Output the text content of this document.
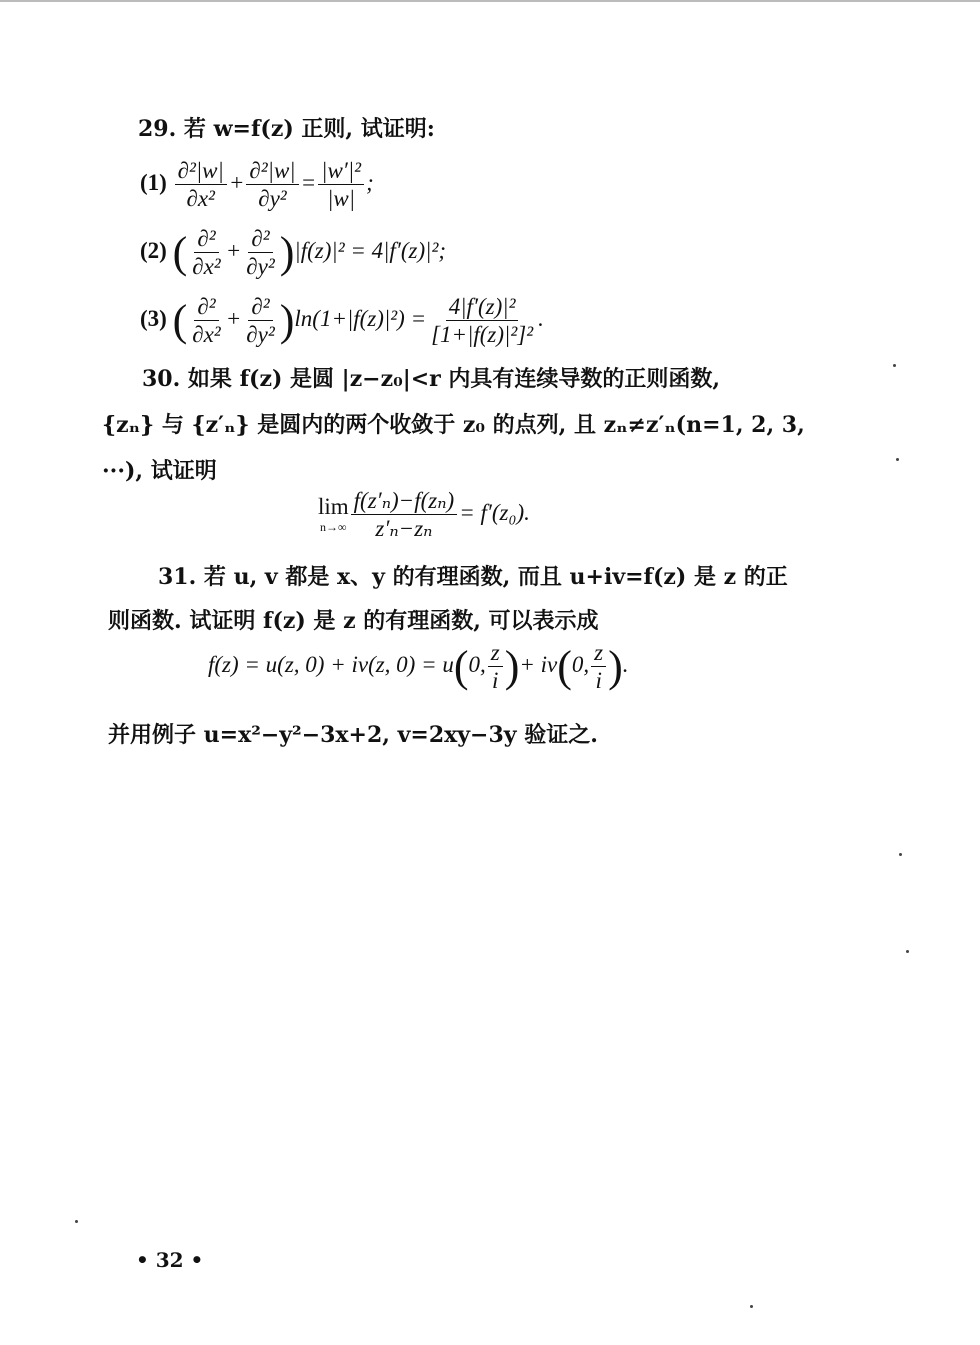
29. 若 w=f(z) 正则, 试证明:
$(1) \frac{\text{∂²|w|}}{\text{∂x²}} + \frac{\text{∂²|w|}}{\text{∂y²}} = \frac{\text{|w′|²}}{|w|}$ ;
(2) ( $\frac{\text{∂²}}{\text{∂x²}} + \frac{\text{∂²}}{\text{∂y²}} )|f(z)|^2 = 4|f'(z)|^2$;
(3) ( $\frac{\text{∂²}}{\text{∂x²}} + \frac{\text{∂²}}{\text{∂y²}} )\ln(1+|f(z)|^2) = \frac{\text{4|f′(z)|²}}{\text{[1+|f(z)|²]²}}$ .
30. 如果 f(z) 是圆 |z−z₀|<r 内具有连续导数的正则函数,
{zₙ} 与 {z′ₙ} 是圆内的两个收敛于 z₀ 的点列, 且 zₙ≠z′ₙ(n=1, 2, 3,
···), 试证明
lim
$n\to\infty \frac{\text{f(z′ₙ)−f(zₙ)}}{\text{z′ₙ−zₙ}} = f'(z_0)$.
31. 若 u, v 都是 x、y 的有理函数, 而且 u+iv=f(z) 是 z 的正
则函数. 试证明 f(z) 是 z 的有理函数, 可以表示成
f(z) = u(z, 0) + iv(z, 0) = u(0, $\frac{z}{i}$ )+ iv(0, $\frac{z}{i}$ ).
并用例子 u=x²−y²−3x+2, v=2xy−3y 验证之.
• 32 •
